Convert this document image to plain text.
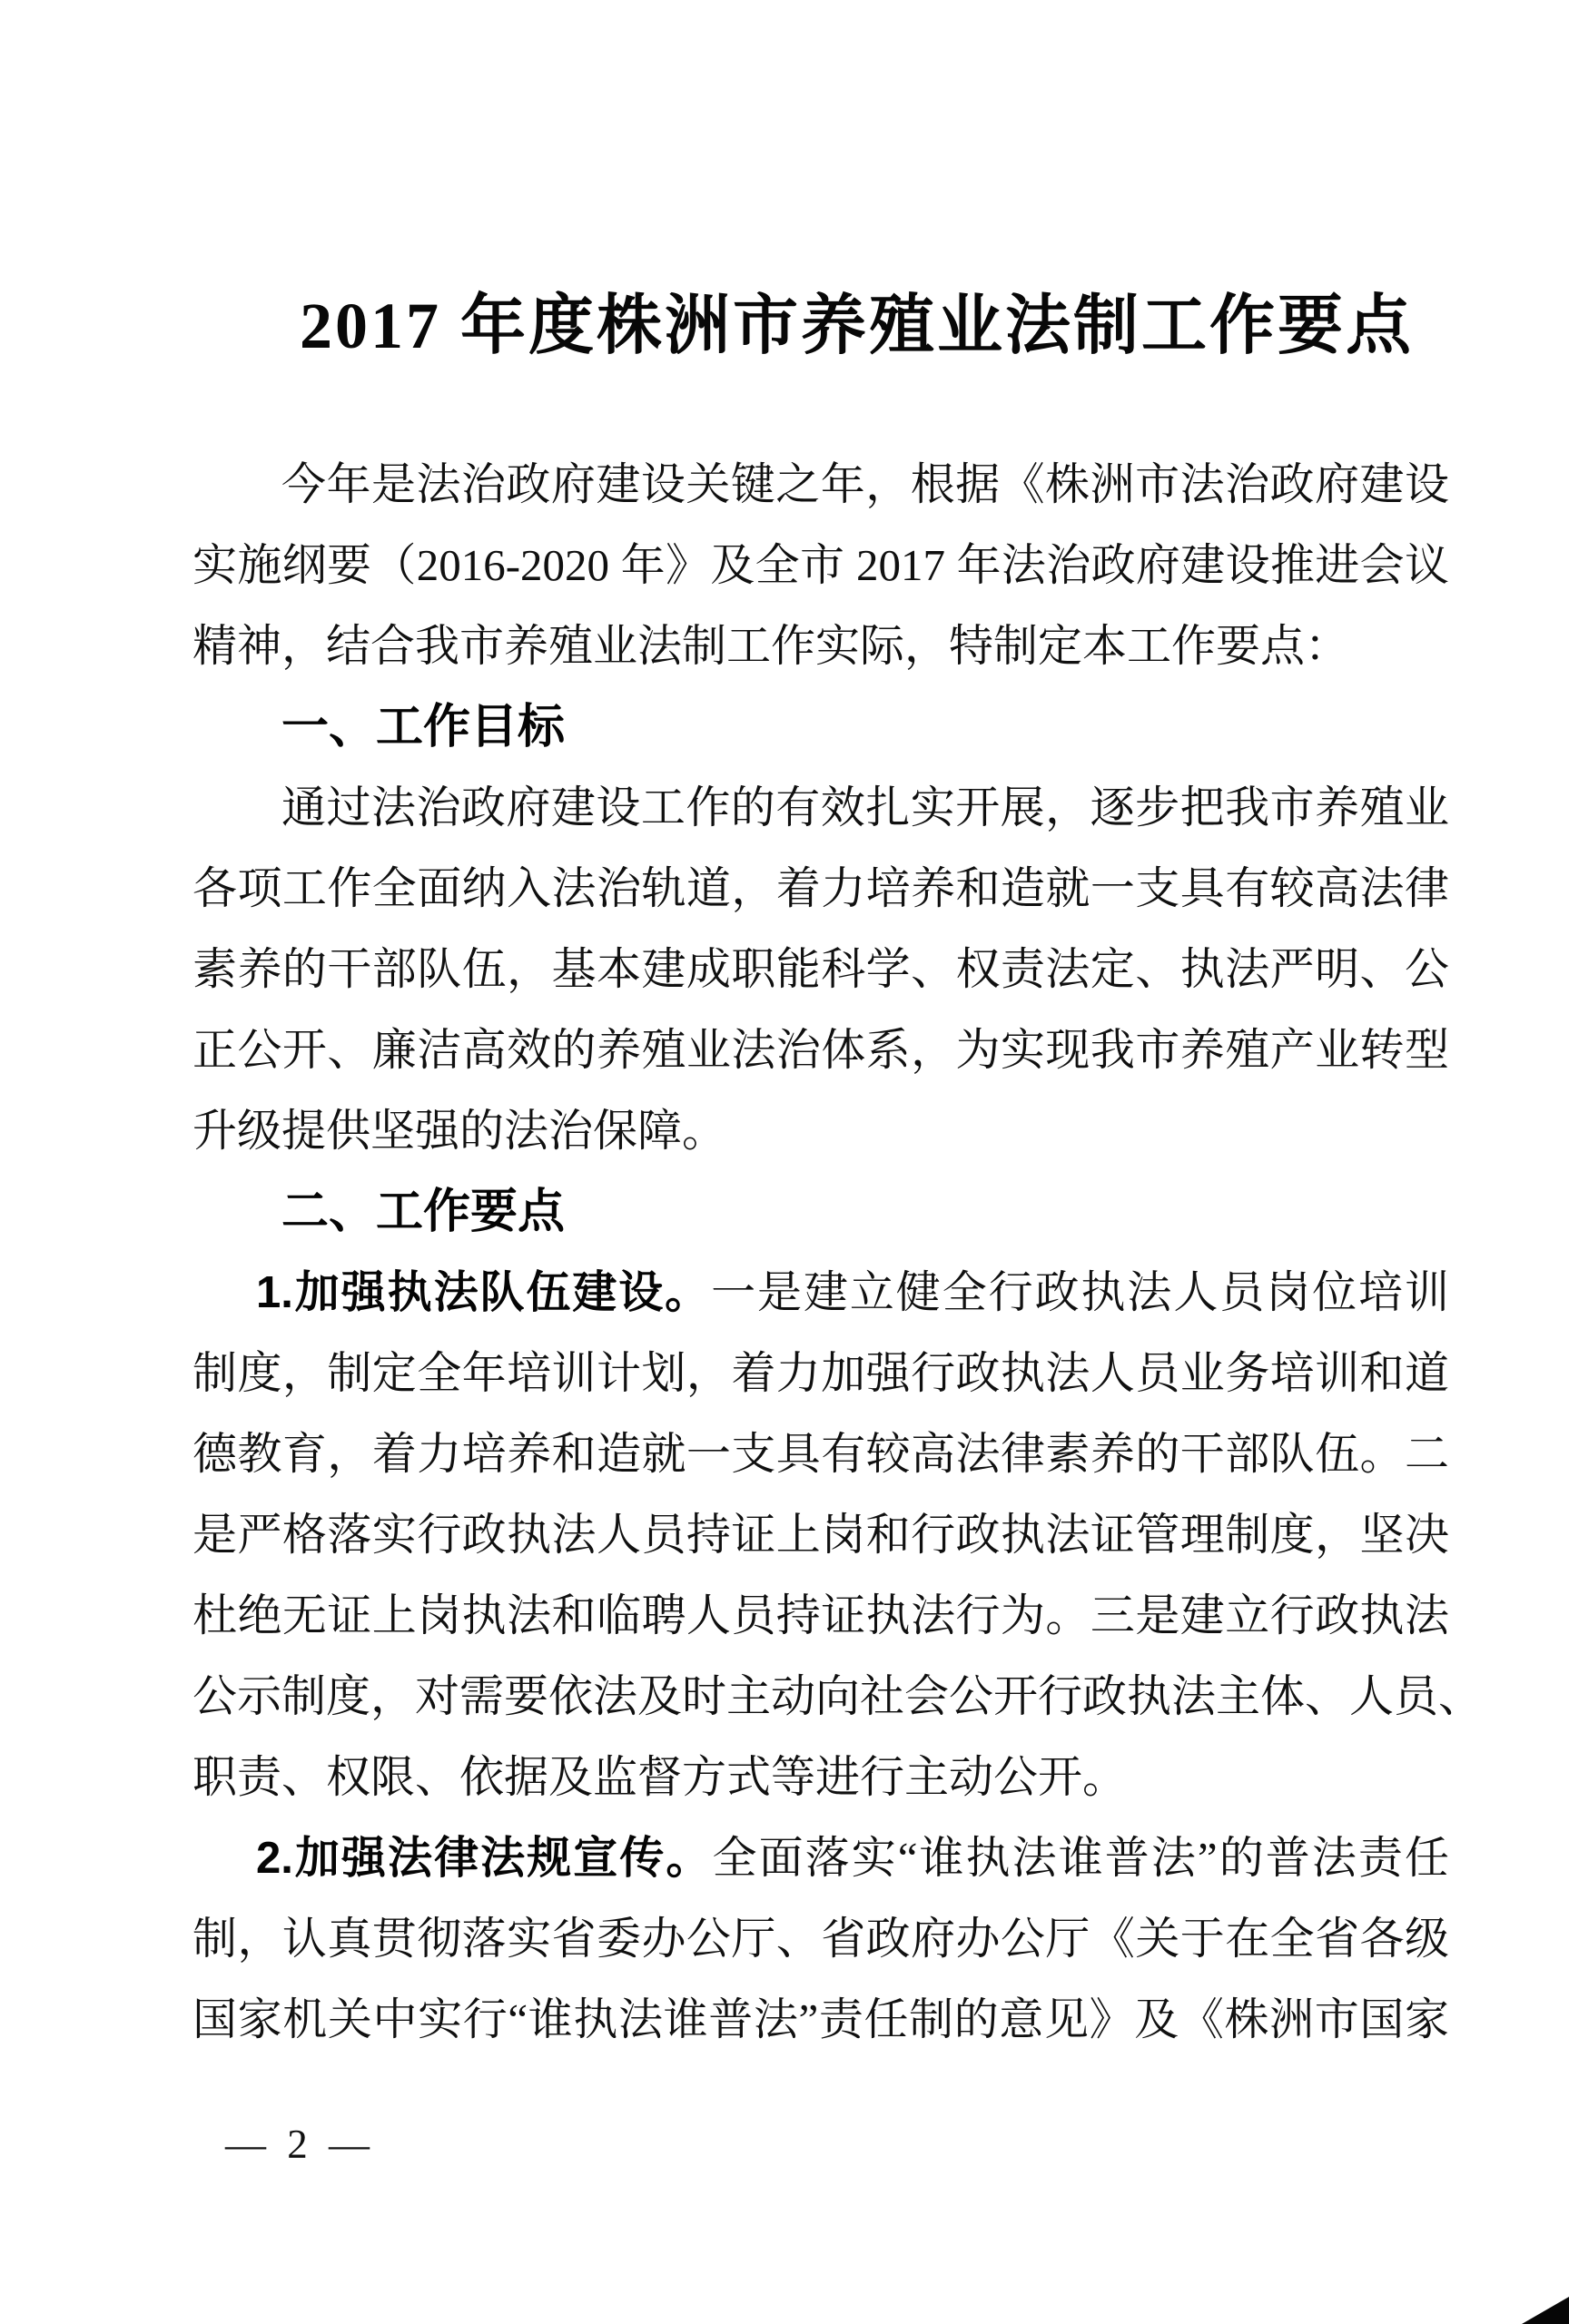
2017 年度株洲市养殖业法制工作要点
今年是法治政府建设关键之年，根据《株洲市法治政府建设
实施纲要（2016-2020 年》及全市 2017 年法治政府建设推进会议
精神，结合我市养殖业法制工作实际，特制定本工作要点：
一、工作目标
通过法治政府建设工作的有效扎实开展，逐步把我市养殖业
各项工作全面纳入法治轨道，着力培养和造就一支具有较高法律
素养的干部队伍，基本建成职能科学、权责法定、执法严明、公
正公开、廉洁高效的养殖业法治体系，为实现我市养殖产业转型
升级提供坚强的法治保障。
二、工作要点
1.加强执法队伍建设。一是建立健全行政执法人员岗位培训
制度，制定全年培训计划，着力加强行政执法人员业务培训和道
德教育，着力培养和造就一支具有较高法律素养的干部队伍。二
是严格落实行政执法人员持证上岗和行政执法证管理制度，坚决
杜绝无证上岗执法和临聘人员持证执法行为。三是建立行政执法
公示制度，对需要依法及时主动向社会公开行政执法主体、人员、
职责、权限、依据及监督方式等进行主动公开。
2.加强法律法规宣传。全面落实“谁执法谁普法”的普法责任
制，认真贯彻落实省委办公厅、省政府办公厅《关于在全省各级
国家机关中实行“谁执法谁普法”责任制的意见》及《株洲市国家
— 2 —
